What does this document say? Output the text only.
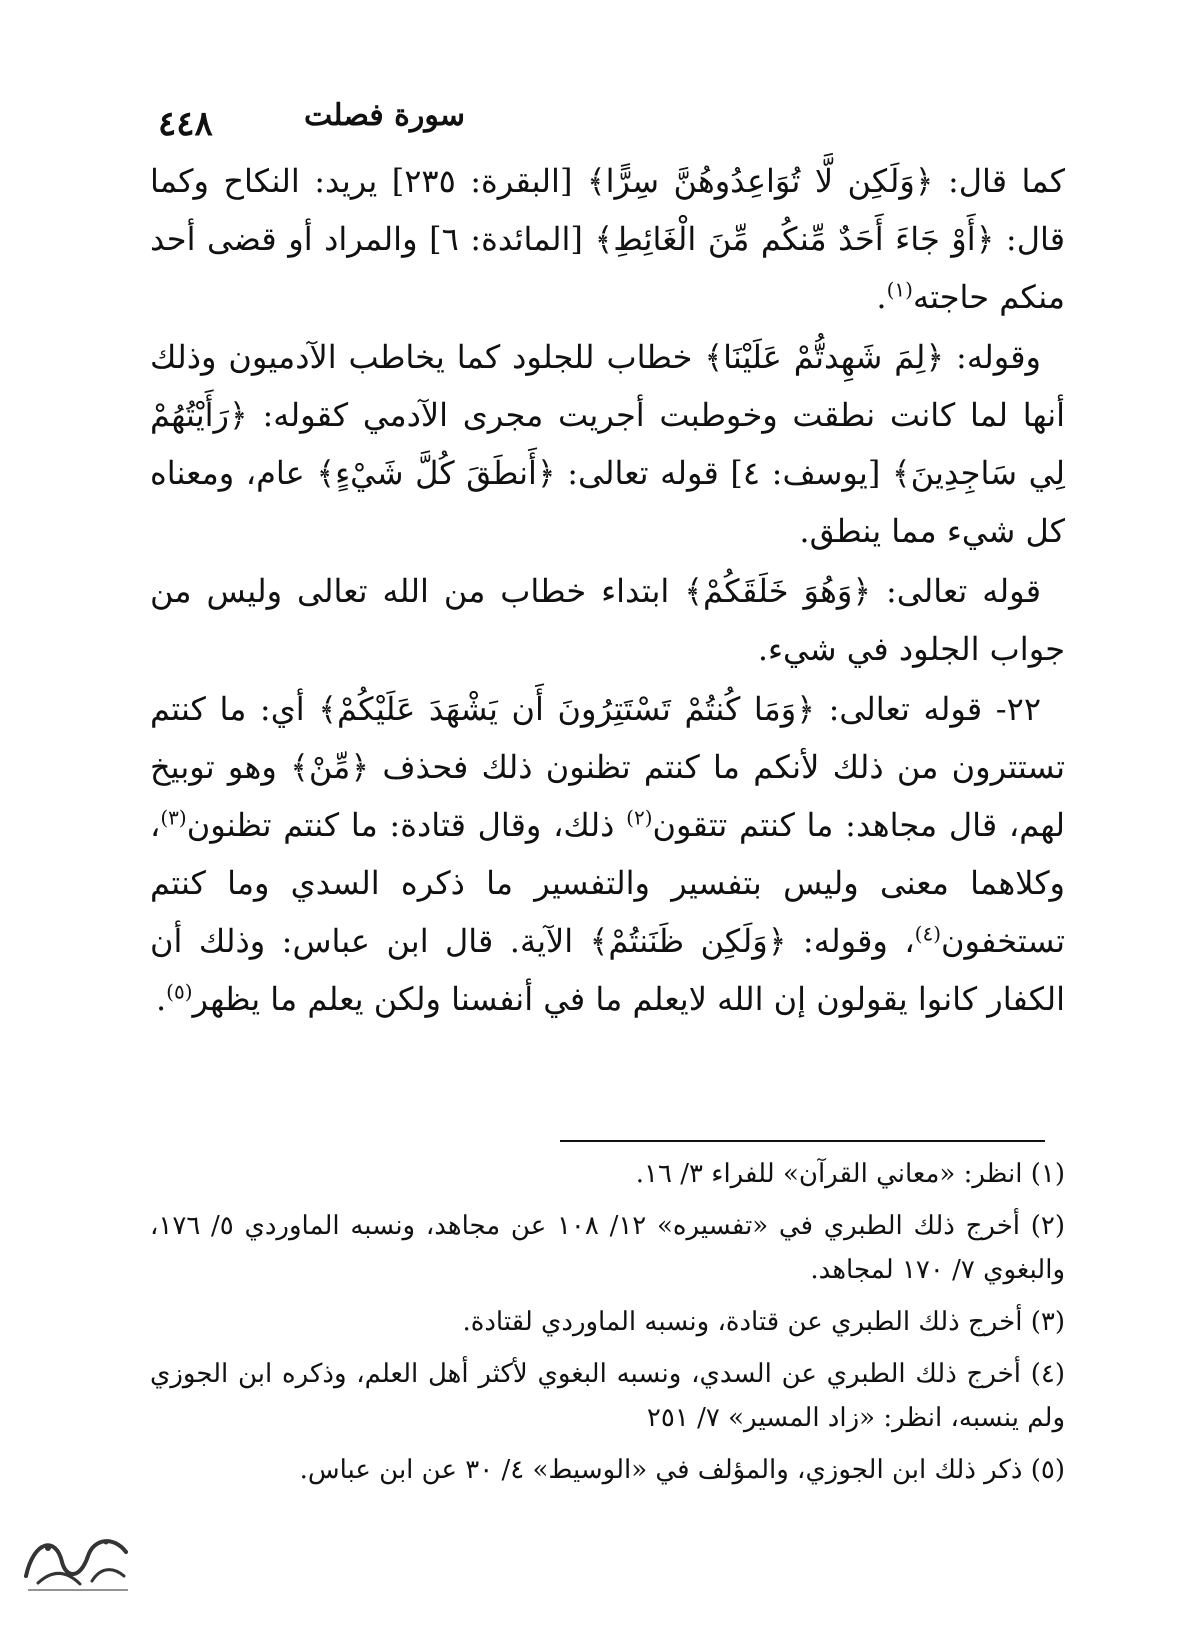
سورة فصلت
٤٤٨

كما قال: ﴿وَلَكِن لَّا تُوَاعِدُوهُنَّ سِرًّا﴾ [البقرة: ٢٣٥] يريد: النكاح وكما قال: ﴿أَوْ جَاءَ أَحَدٌ مِّنكُم مِّنَ الْغَائِطِ﴾ [المائدة: ٦] والمراد أو قضى أحد منكم حاجته$^{(١)}$.

وقوله: ﴿لِمَ شَهِدتُّمْ عَلَيْنَا﴾ خطاب للجلود كما يخاطب الآدميون وذلك أنها لما كانت نطقت وخوطبت أجريت مجرى الآدمي كقوله: ﴿رَأَيْتُهُمْ لِي سَاجِدِينَ﴾ [يوسف: ٤] قوله تعالى: ﴿أَنطَقَ كُلَّ شَيْءٍ﴾ عام، ومعناه كل شيء مما ينطق.

قوله تعالى: ﴿وَهُوَ خَلَقَكُمْ﴾ ابتداء خطاب من الله تعالى وليس من جواب الجلود في شيء.

٢٢- قوله تعالى: ﴿وَمَا كُنتُمْ تَسْتَتِرُونَ أَن يَشْهَدَ عَلَيْكُمْ﴾ أي: ما كنتم تستترون من ذلك لأنكم ما كنتم تظنون ذلك فحذف ﴿مِّنْ﴾ وهو توبيخ لهم، قال مجاهد: ما كنتم تتقون$^{(٢)}$ ذلك، وقال قتادة: ما كنتم تظنون$^{(٣)}$، وكلاهما معنى وليس بتفسير والتفسير ما ذكره السدي وما كنتم تستخفون$^{(٤)}$، وقوله: ﴿وَلَكِن ظَنَنتُمْ﴾ الآية. قال ابن عباس: وذلك أن الكفار كانوا يقولون إن الله لايعلم ما في أنفسنا ولكن يعلم ما يظهر$^{(٥)}$.

(١) انظر: «معاني القرآن» للفراء ٣/ ١٦.

(٢) أخرج ذلك الطبري في «تفسيره» ١٢/ ١٠٨ عن مجاهد، ونسبه الماوردي ٥/ ١٧٦، والبغوي ٧/ ١٧٠ لمجاهد.

(٣) أخرج ذلك الطبري عن قتادة، ونسبه الماوردي لقتادة.

(٤) أخرج ذلك الطبري عن السدي، ونسبه البغوي لأكثر أهل العلم، وذكره ابن الجوزي ولم ينسبه، انظر: «زاد المسير» ٧/ ٢٥١

(٥) ذكر ذلك ابن الجوزي، والمؤلف في «الوسيط» ٤/ ٣٠ عن ابن عباس.
